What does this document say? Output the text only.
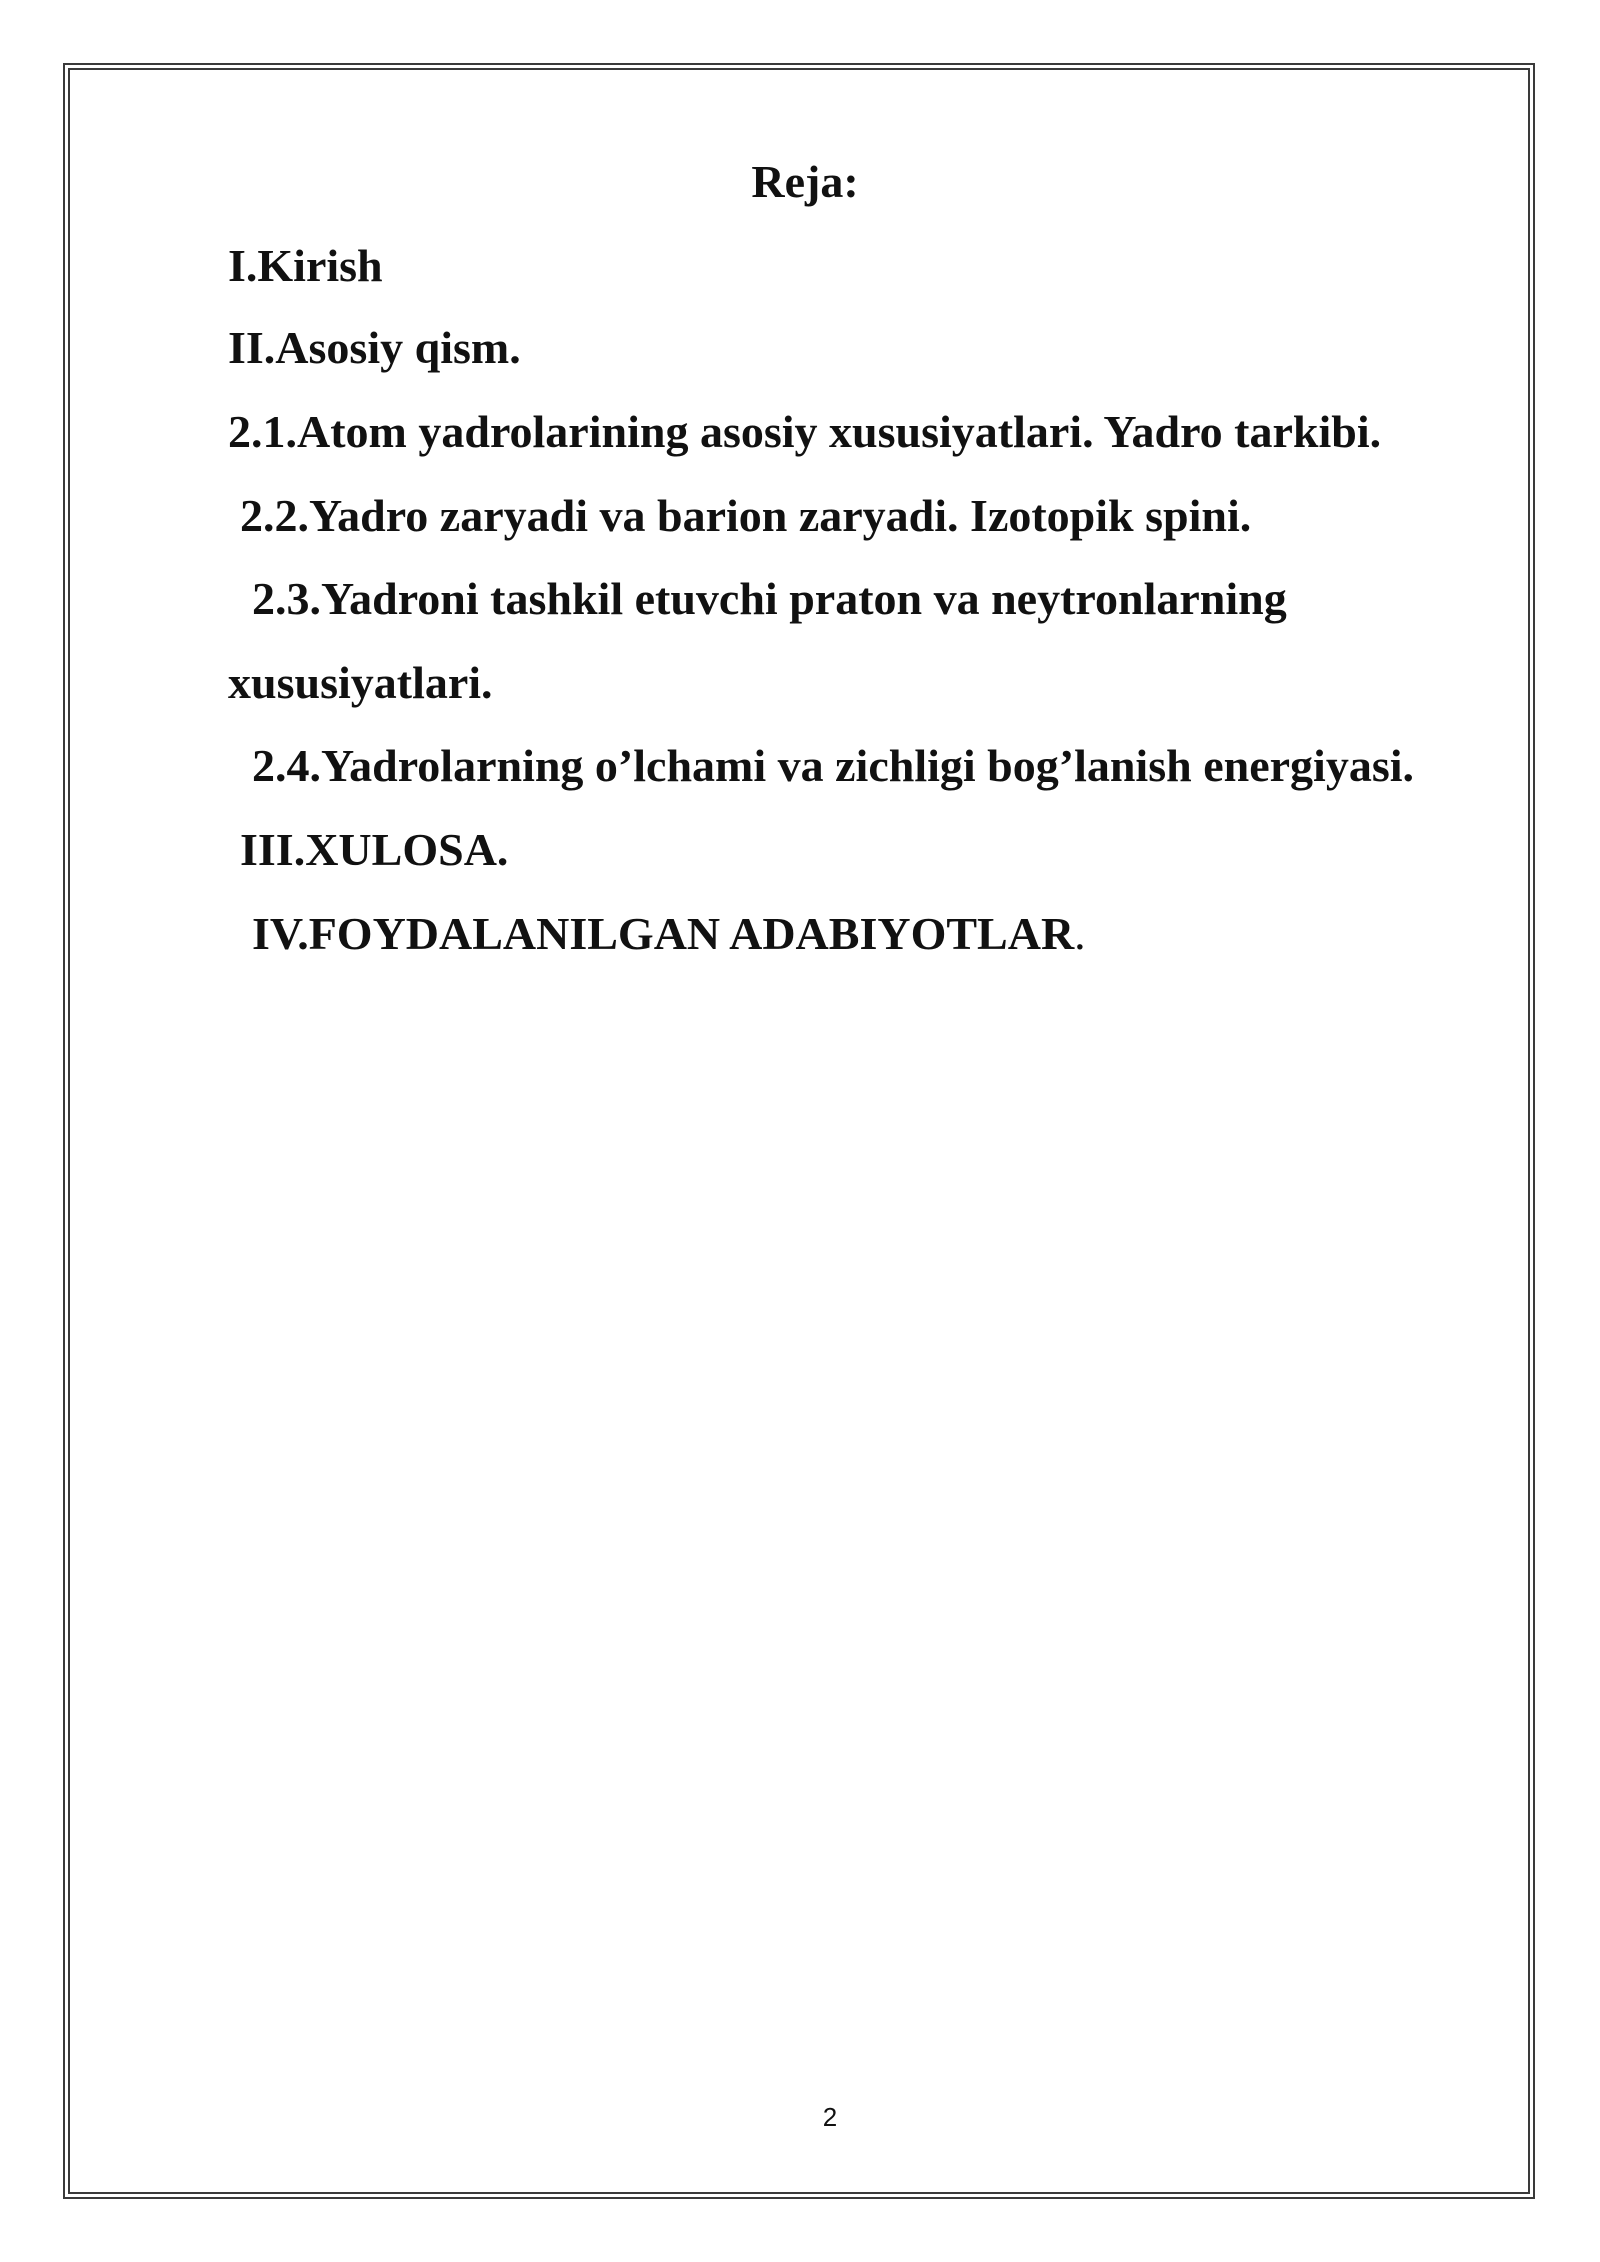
Reja:
I.Kirish
II.Asosiy qism.
2.1.Atom yadrolarining asosiy xususiyatlari. Yadro tarkibi.
2.2.Yadro zaryadi va barion zaryadi. Izotopik spini.
2.3.Yadroni tashkil etuvchi praton va neytronlarning
xususiyatlari.
2.4.Yadrolarning o’lchami va zichligi bog’lanish energiyasi.
III.XULOSA.
IV.FOYDALANILGAN ADABIYOTLAR.
2
